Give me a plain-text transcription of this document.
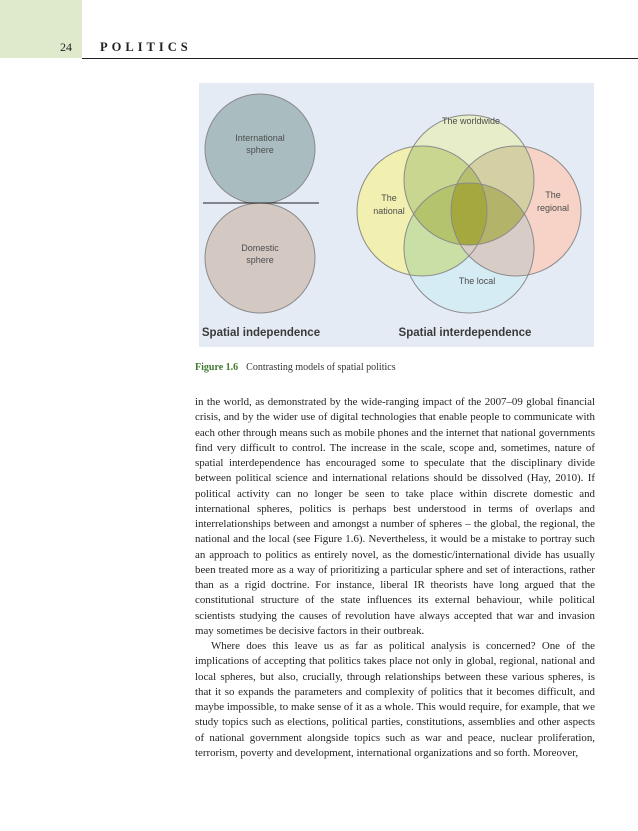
24 POLITICS
International
sphere
Domestic
sphere
The worldwide
The
national
The
regional
The local
Spatial independence	Spatial interdependence
Figure 1.6 Contrasting models of spatial politics

in the world, as demonstrated by the wide-ranging impact of the 2007–09 global financial crisis, and by the wider use of digital technologies that enable people to communicate with each other through means such as mobile phones and the internet that national governments find very difficult to control. The increase in the scale, scope and, sometimes, nature of spatial interdependence has encouraged some to speculate that the disciplinary divide between political science and international relations should be dissolved (Hay, 2010). If political activity can no longer be seen to take place within discrete domestic and international spheres, politics is perhaps best understood in terms of overlaps and interrelationships between and amongst a number of spheres – the global, the regional, the national and the local (see Figure 1.6). Nevertheless, it would be a mistake to portray such an approach to politics as entirely novel, as the domestic/international divide has usually been treated more as a way of prioritizing a particular sphere and set of interactions, rather than as a rigid doctrine. For instance, liberal IR theorists have long argued that the constitutional structure of the state influences its external behaviour, while political scientists studying the causes of revolution have always accepted that war and invasion may sometimes be decisive factors in their outbreak.

Where does this leave us as far as political analysis is concerned? One of the implications of accepting that politics takes place not only in global, regional, national and local spheres, but also, crucially, through relationships between these various spheres, is that it so expands the parameters and complexity of politics that it becomes difficult, and maybe impossible, to make sense of it as a whole. This would require, for example, that we study topics such as elections, political parties, constitutions, assemblies and other aspects of national government alongside topics such as war and peace, nuclear proliferation, terrorism, poverty and development, international organizations and so forth. Moreover,
